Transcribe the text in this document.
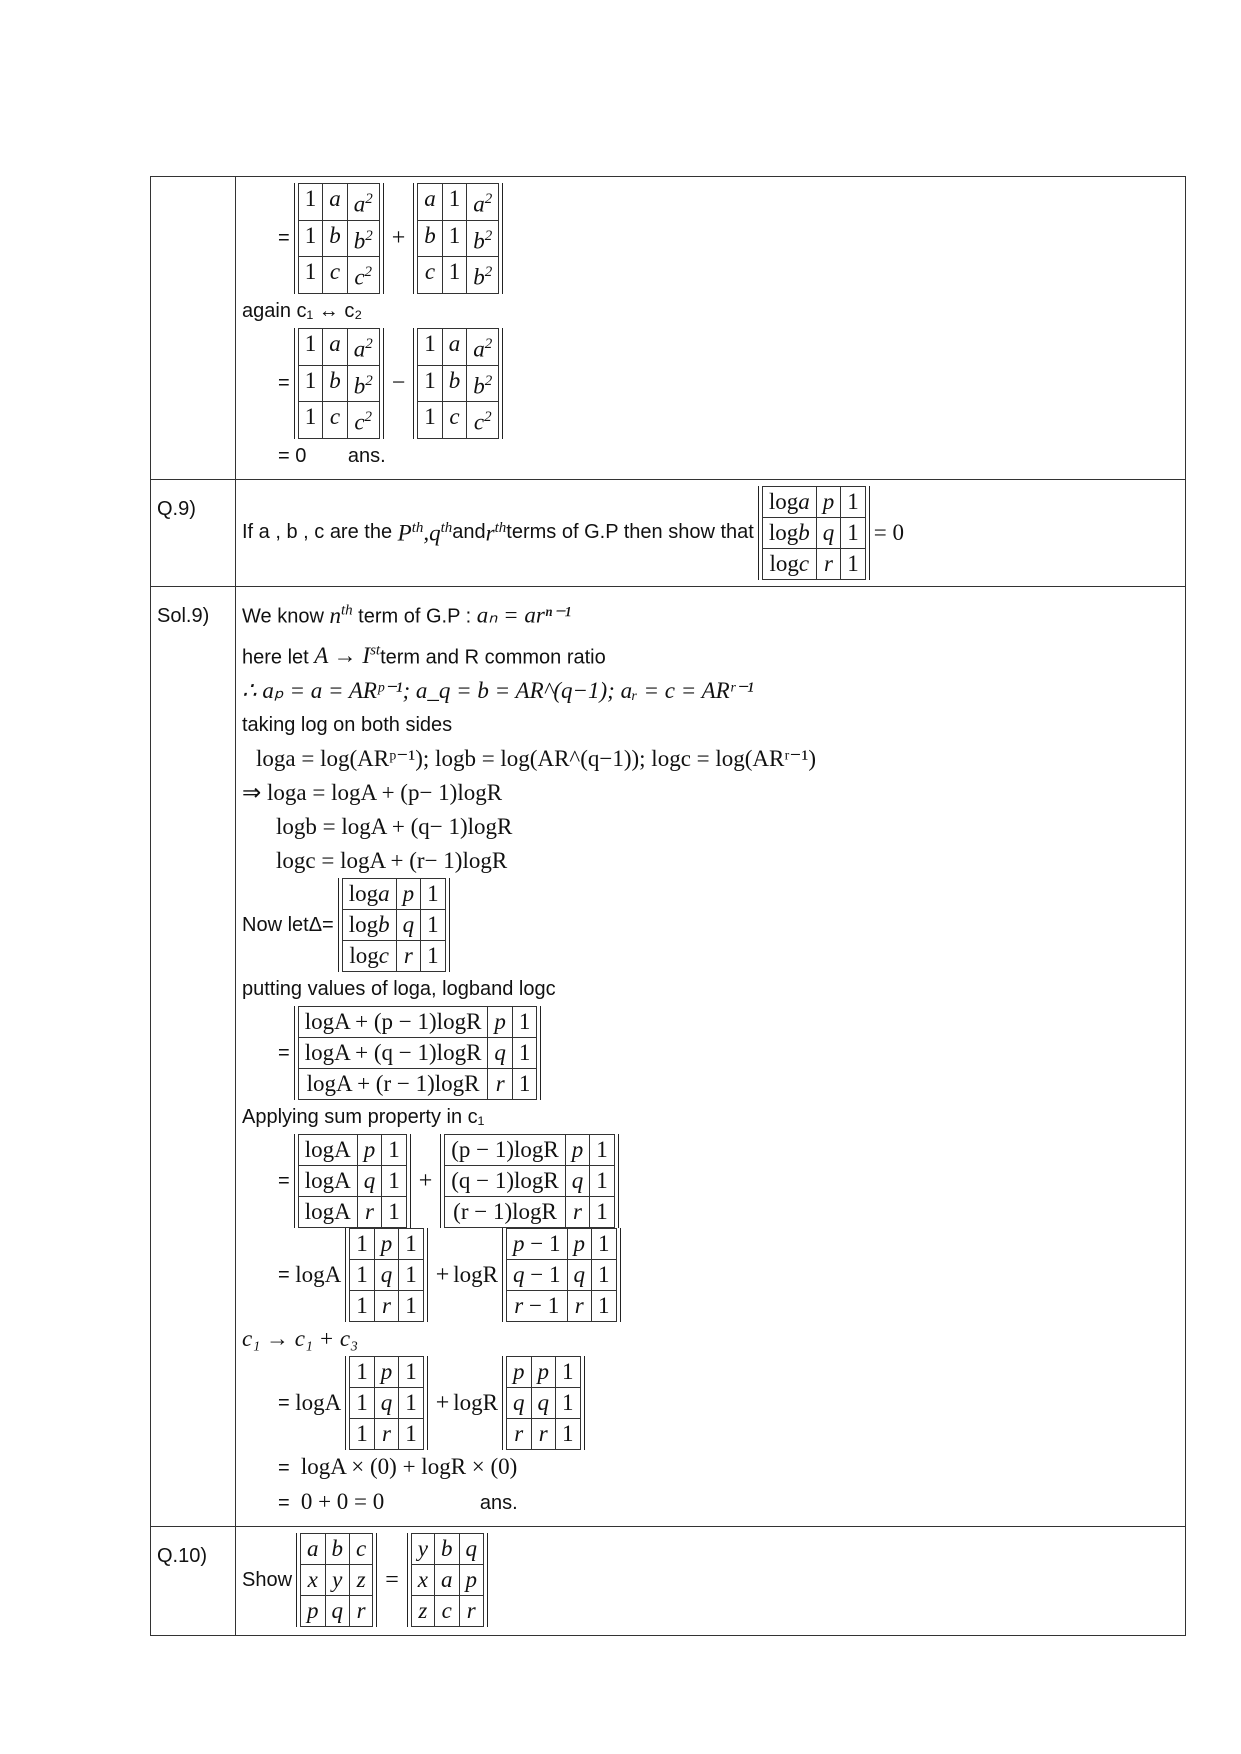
=
1	a	$a^2$
1	b	$b^2$
1	c	$c^2$
+
a	1	$a^2$
b	1	$b^2$
c	1	$b^2$
again c₁ ↔ c₂
=
1	a	$a^2$
1	b	$b^2$
1	c	$c^2$
−
1	a	$a^2$
1	b	$b^2$
1	c	$c^2$
= 0 ans.

Q.9)	
If a , b , c are the
$P^{th}$ , $q^{th}$ and $r^{th}$ terms of G.P then show that
loga	p	1
logb	q	1
logc	r	1
= 0

Sol.9)	We know $n^{th}$ term of G.P : aₙ = arⁿ⁻¹
here let A → Istterm and R common ratio
∴ aₚ = a = ARᵖ⁻¹; a_q = b = AR^(q−1); aᵣ = c = ARʳ⁻¹
taking log on both sides
loga = log(ARᵖ⁻¹); logb = log(AR^(q−1)); logc = log(ARʳ⁻¹)
⇒ loga = logA + (p− 1)logR
logb = logA + (q− 1)logR
logc = logA + (r− 1)logR
Now letΔ=
loga	p	1
logb	q	1
logc	r	1
putting values of loga, logband logc
=
logA + (p − 1)logR	p	1
logA + (q − 1)logR	q	1
logA + (r − 1)logR	r	1
Applying sum property in c₁
=
logA	p	1
logA	q	1
logA	r	1
+
(p − 1)logR	p	1
(q − 1)logR	q	1
(r − 1)logR	r	1
=
logA
1	p	1
1	q	1
1	r	1
+ logR
p − 1	p	1
q − 1	q	1
r − 1	r	1
c₁ → c₁ + c₃
=
logA
1	p	1
1	q	1
1	r	1
+ logR
p	p	1
q	q	1
r	r	1
= logA × (0) + logR × (0)
= 0 + 0 = 0	ans.

Q.10)	
Show
a	b	c
x	y	z
p	q	r
=
y	b	q
x	a	p
z	c	r
